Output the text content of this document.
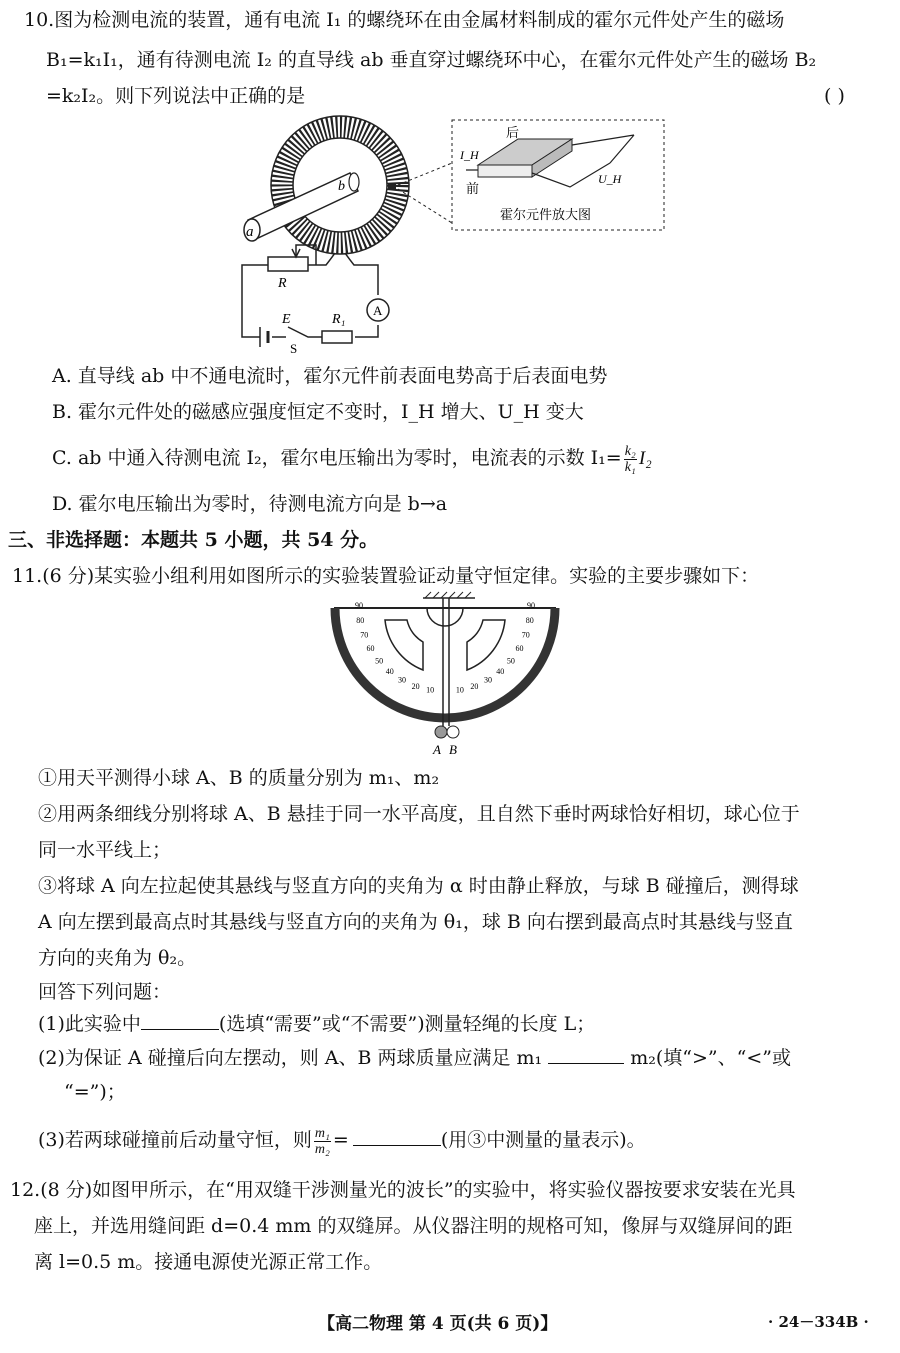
10.图为检测电流的装置，通有电流 I₁ 的螺绕环在由金属材料制成的霍尔元件处产生的磁场
B₁=k₁I₁，通有待测电流 I₂ 的直导线 ab 垂直穿过螺绕环中心，在霍尔元件处产生的磁场 B₂
=k₂I₂。则下列说法中正确的是	( )
a
b
A
R
E
S
R₁
后
前
I_H
U_H
霍尔元件放大图
A. 直导线 ab 中不通电流时，霍尔元件前表面电势高于后表面电势
B. 霍尔元件处的磁感应强度恒定不变时，I_H 增大、U_H 变大
C. ab 中通入待测电流 I₂，霍尔电压输出为零时，电流表的示数 $I_1= \frac{\text{k₂}}{\text{k₁}} I_2$
D. 霍尔电压输出为零时，待测电流方向是 b→a
三、非选择题：本题共 5 小题，共 54 分。
11.(6 分)某实验小组利用如图所示的实验装置验证动量守恒定律。实验的主要步骤如下：
A B
90
80
70
60
50
40
30
20 10	10 20
30
40
50
60
70
80
90
①用天平测得小球 A、B 的质量分别为 m₁、m₂
②用两条细线分别将球 A、B 悬挂于同一水平高度，且自然下垂时两球恰好相切，球心位于
同一水平线上；
③将球 A 向左拉起使其悬线与竖直方向的夹角为 α 时由静止释放，与球 B 碰撞后，测得球
A 向左摆到最高点时其悬线与竖直方向的夹角为 θ₁，球 B 向右摆到最高点时其悬线与竖直
方向的夹角为 θ₂。
回答下列问题：
(1)此实验中	(选填“需要”或“不需要”)测量轻绳的长度 L；
(2)为保证 A 碰撞后向左摆动，则 A、B 两球质量应满足 m₁	m₂(填“>”、“<”或
“=”)；
(3)若两球碰撞前后动量守恒，则 $\frac{\text{m₁}}{\text{m₂}}$ =	(用③中测量的量表示)。
12.(8 分)如图甲所示，在“用双缝干涉测量光的波长”的实验中，将实验仪器按要求安装在光具
座上，并选用缝间距 d=0.4 mm 的双缝屏。从仪器注明的规格可知，像屏与双缝屏间的距
离 l=0.5 m。接通电源使光源正常工作。
【高二物理 第 4 页(共 6 页)】	· 24－334B ·
